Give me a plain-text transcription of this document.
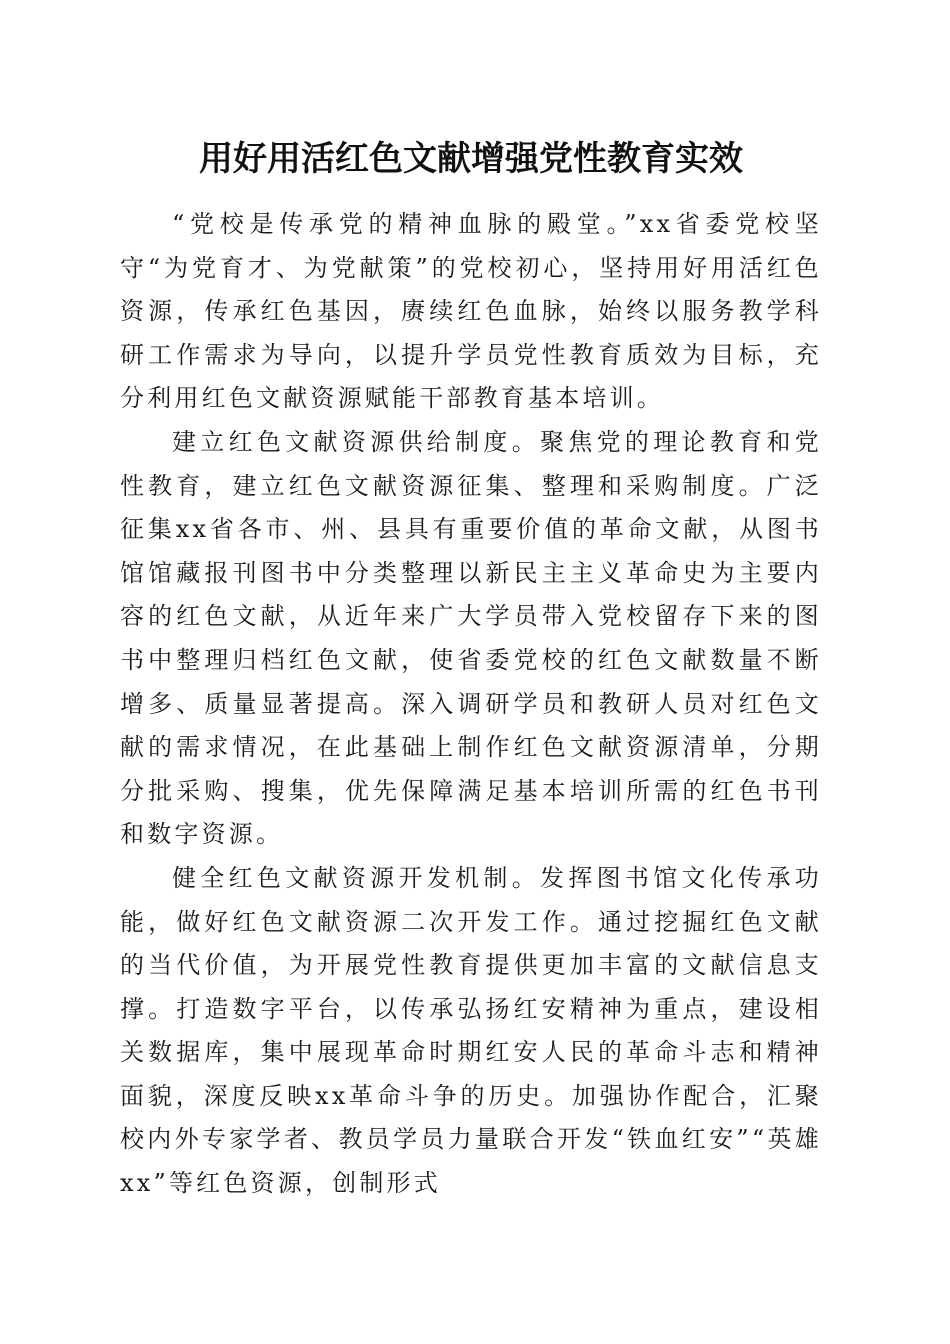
用好用活红色文献增强党性教育实效

“党校是传承党的精神血脉的殿堂。”xx省委党校坚守“为党育才、为党献策”的党校初心，坚持用好用活红色资源，传承红色基因，赓续红色血脉，始终以服务教学科研工作需求为导向，以提升学员党性教育质效为目标，充分利用红色文献资源赋能干部教育基本培训。

建立红色文献资源供给制度。聚焦党的理论教育和党性教育，建立红色文献资源征集、整理和采购制度。广泛征集xx省各市、州、县具有重要价值的革命文献，从图书馆馆藏报刊图书中分类整理以新民主主义革命史为主要内容的红色文献，从近年来广大学员带入党校留存下来的图书中整理归档红色文献，使省委党校的红色文献数量不断增多、质量显著提高。深入调研学员和教研人员对红色文献的需求情况，在此基础上制作红色文献资源清单，分期分批采购、搜集，优先保障满足基本培训所需的红色书刊和数字资源。

健全红色文献资源开发机制。发挥图书馆文化传承功能，做好红色文献资源二次开发工作。通过挖掘红色文献的当代价值，为开展党性教育提供更加丰富的文献信息支撑。打造数字平台，以传承弘扬红安精神为重点，建设相关数据库，集中展现革命时期红安人民的革命斗志和精神面貌，深度反映xx革命斗争的历史。加强协作配合，汇聚校内外专家学者、教员学员力量联合开发“铁血红安”“英雄xx”等红色资源，创制形式
